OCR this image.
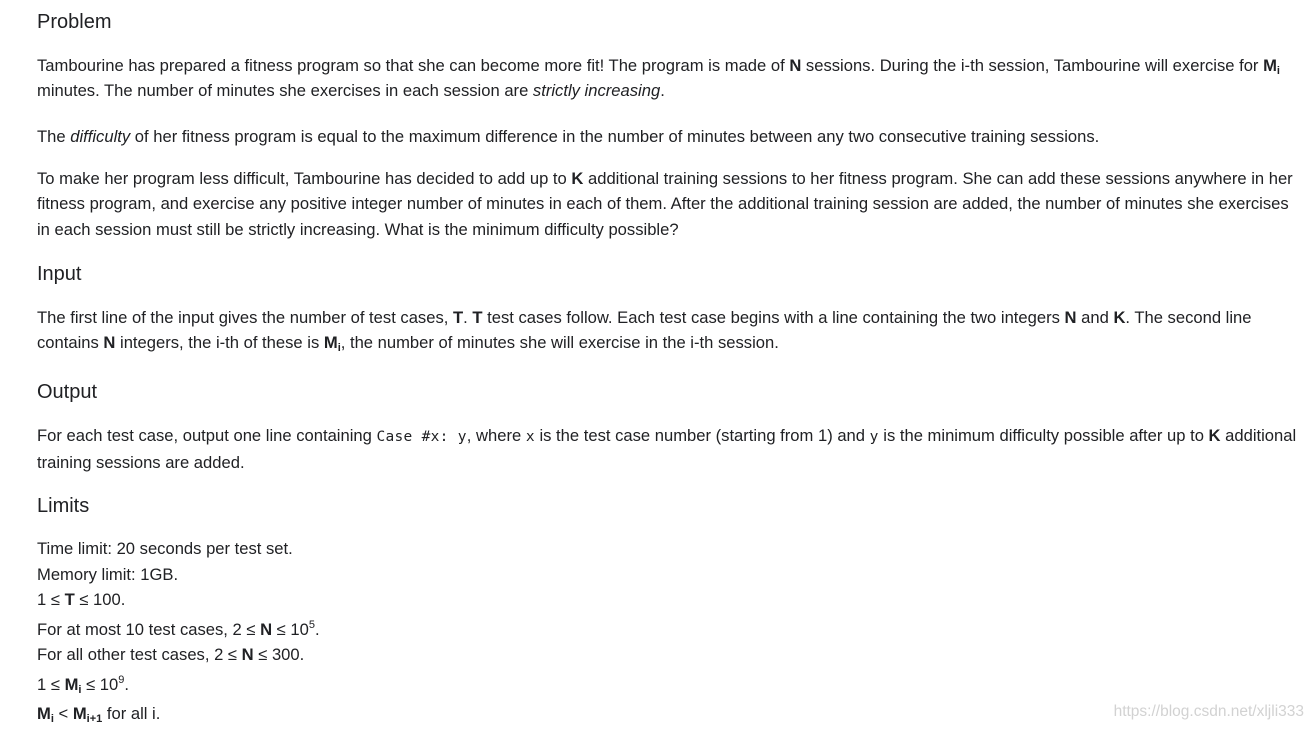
Problem

Tambourine has prepared a fitness program so that she can become more fit! The program is made of N sessions. During the i-th session, Tambourine will exercise for $M_i$ minutes. The number of minutes she exercises in each session are strictly increasing.

The difficulty of her fitness program is equal to the maximum difference in the number of minutes between any two consecutive training sessions.

To make her program less difficult, Tambourine has decided to add up to K additional training sessions to her fitness program. She can add these sessions anywhere in her fitness program, and exercise any positive integer number of minutes in each of them. After the additional training session are added, the number of minutes she exercises in each session must still be strictly increasing. What is the minimum difficulty possible?

Input

The first line of the input gives the number of test cases, T. T test cases follow. Each test case begins with a line containing the two integers N and K. The second line contains N integers, the i-th of these is $M_i$, the number of minutes she will exercise in the i-th session.

Output

For each test case, output one line containing Case #x: y, where x is the test case number (starting from 1) and y is the minimum difficulty possible after up to K additional training sessions are added.

Limits

Time limit: 20 seconds per test set.

Memory limit: 1GB.

1 ≤ T ≤ 100.

For at most 10 test cases, $2 \le N \le 10^5$.

For all other test cases, 2 ≤ N ≤ 300.

$1 \le M_i \le 10^9$.

$M_i < M_{i+1}$ for all i.	https://blog.csdn.net/xljli333
